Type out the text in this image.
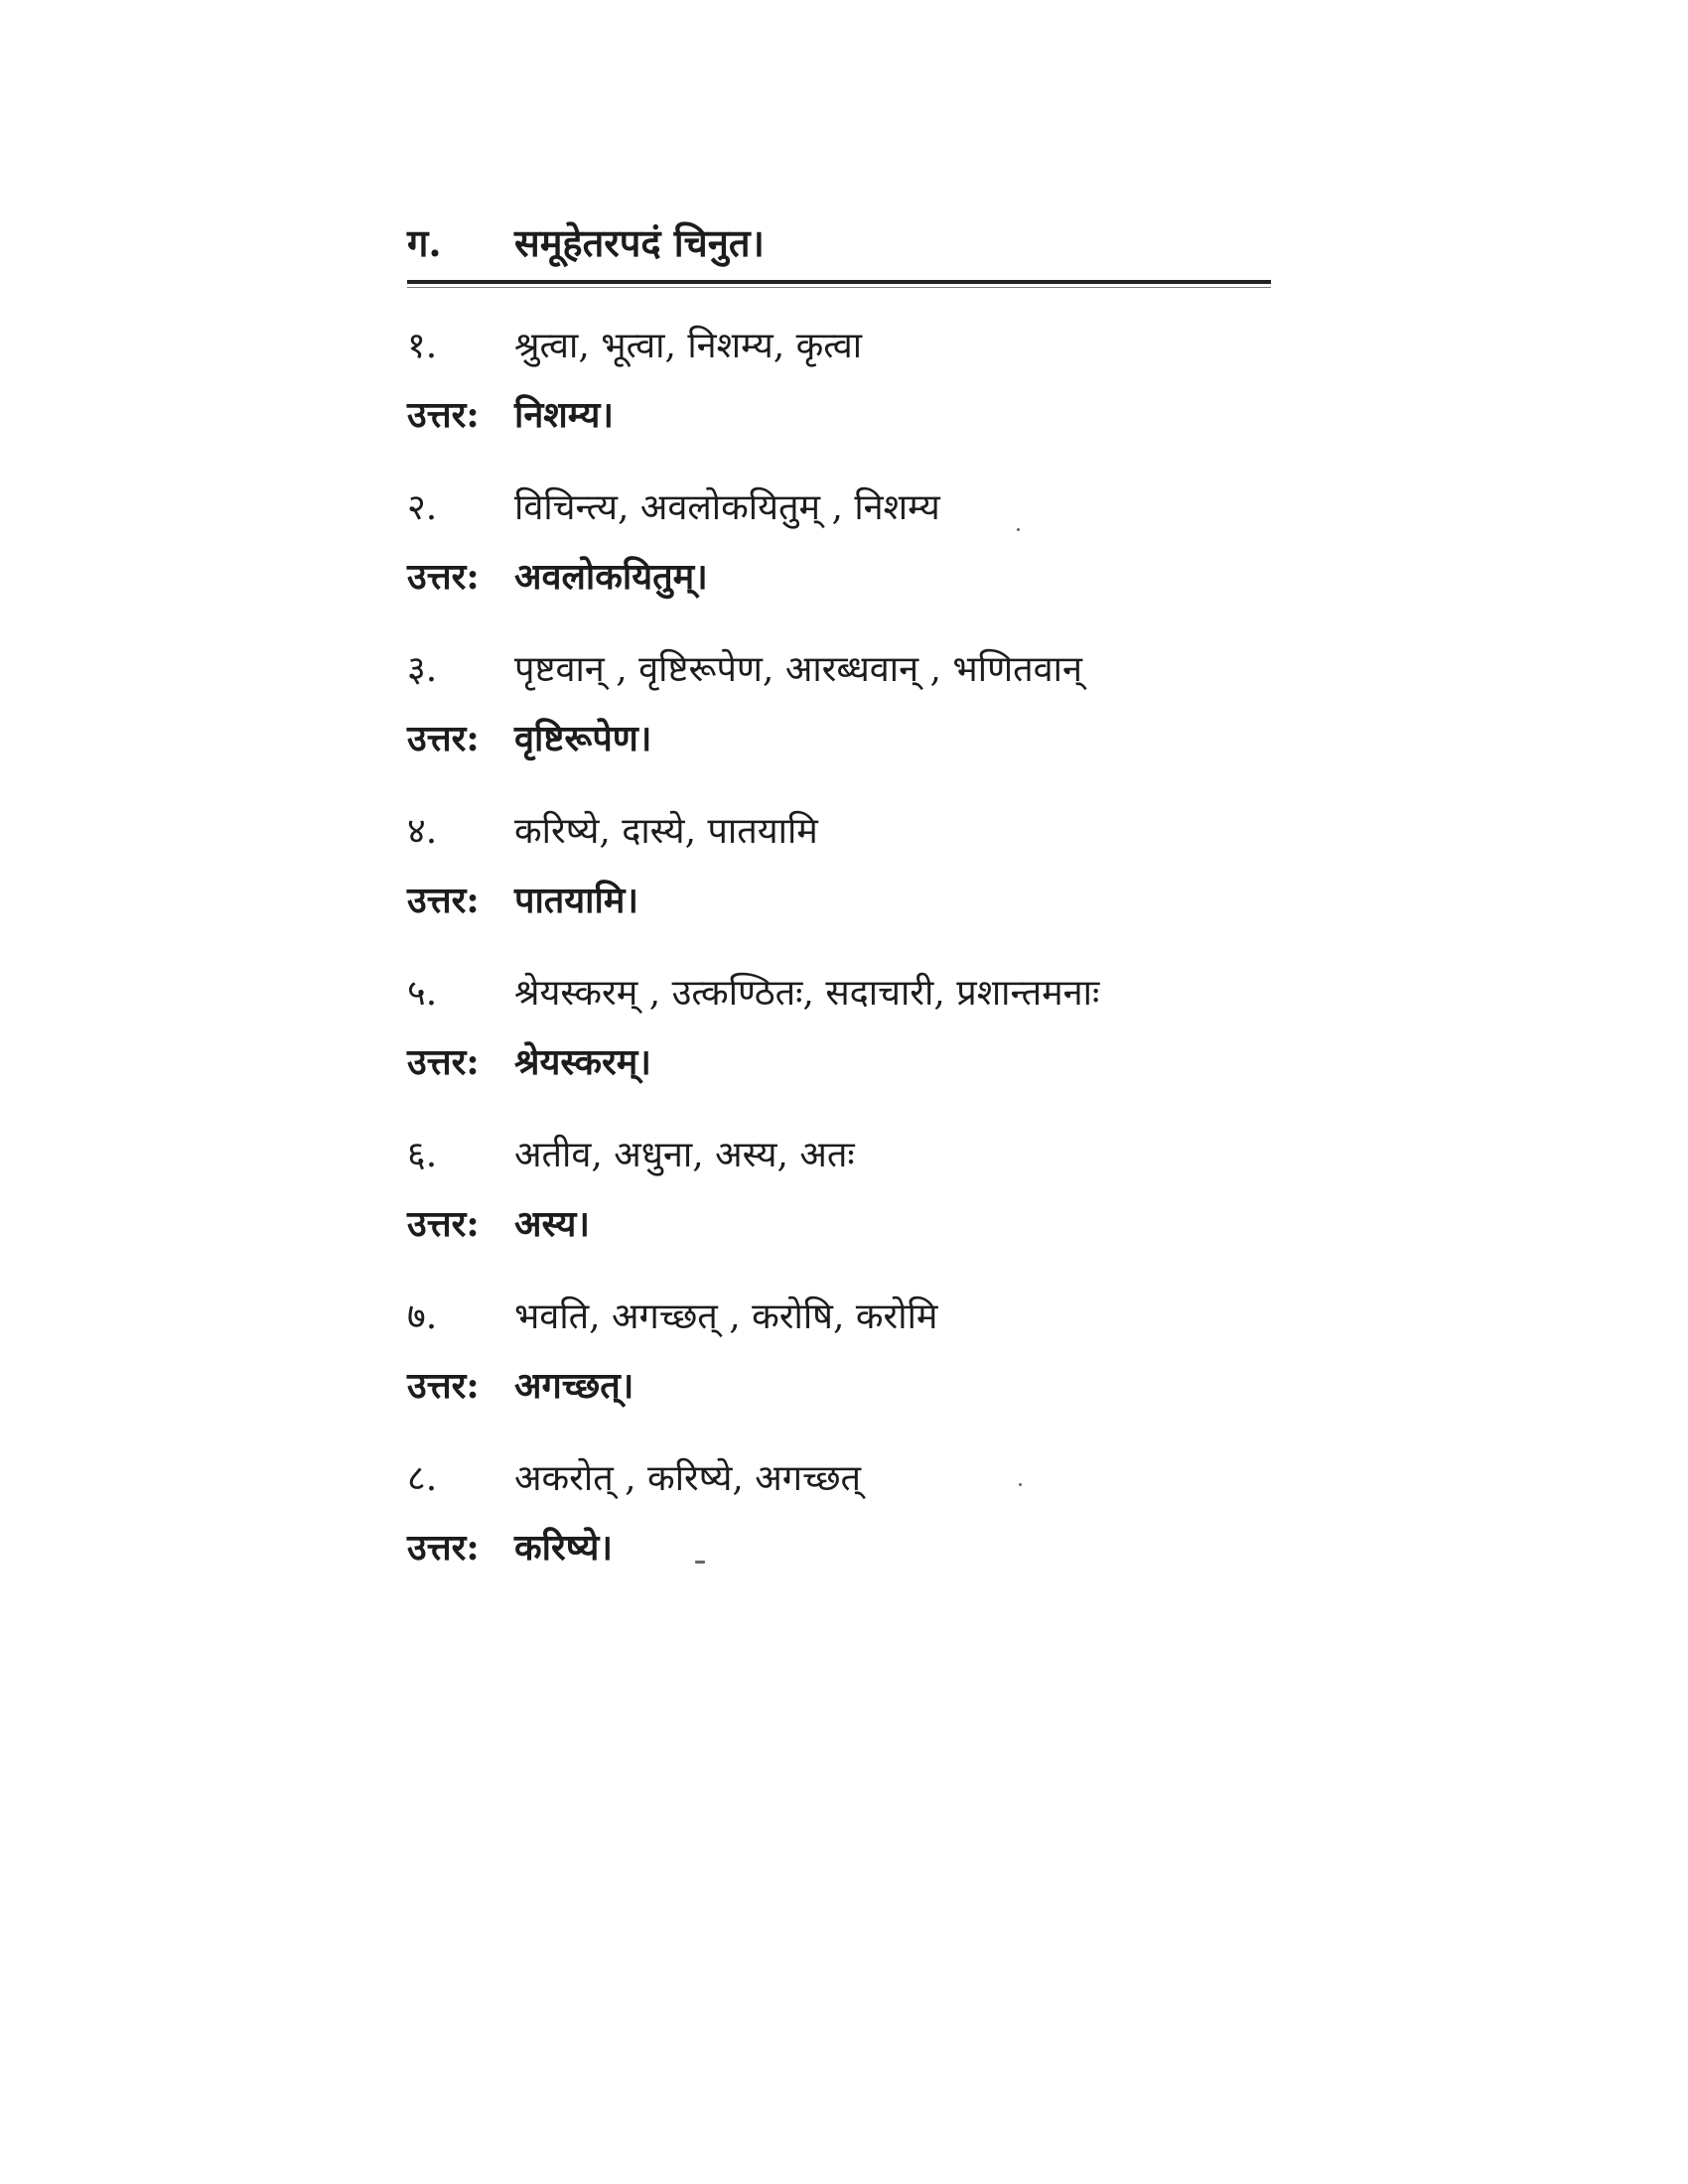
ग. समूहेतरपदं चिनुत।
१. श्रुत्वा, भूत्वा, निशम्य, कृत्वा
उत्तर: निशम्य।
२. विचिन्त्य, अवलोकयितुम् , निशम्य
उत्तर: अवलोकयितुम्।
३. पृष्टवान् , वृष्टिरूपेण, आरब्धवान् , भणितवान्
उत्तर: वृष्टिरूपेण।
४. करिष्ये, दास्ये, पातयामि
उत्तर: पातयामि।
५. श्रेयस्करम् , उत्कण्ठितः, सदाचारी, प्रशान्तमनाः
उत्तर: श्रेयस्करम्।
६. अतीव, अधुना, अस्य, अतः
उत्तर: अस्य।
७. भवति, अगच्छत् , करोषि, करोमि
उत्तर: अगच्छत्।
८. अकरोत् , करिष्ये, अगच्छत्
उत्तर: करिष्ये।
